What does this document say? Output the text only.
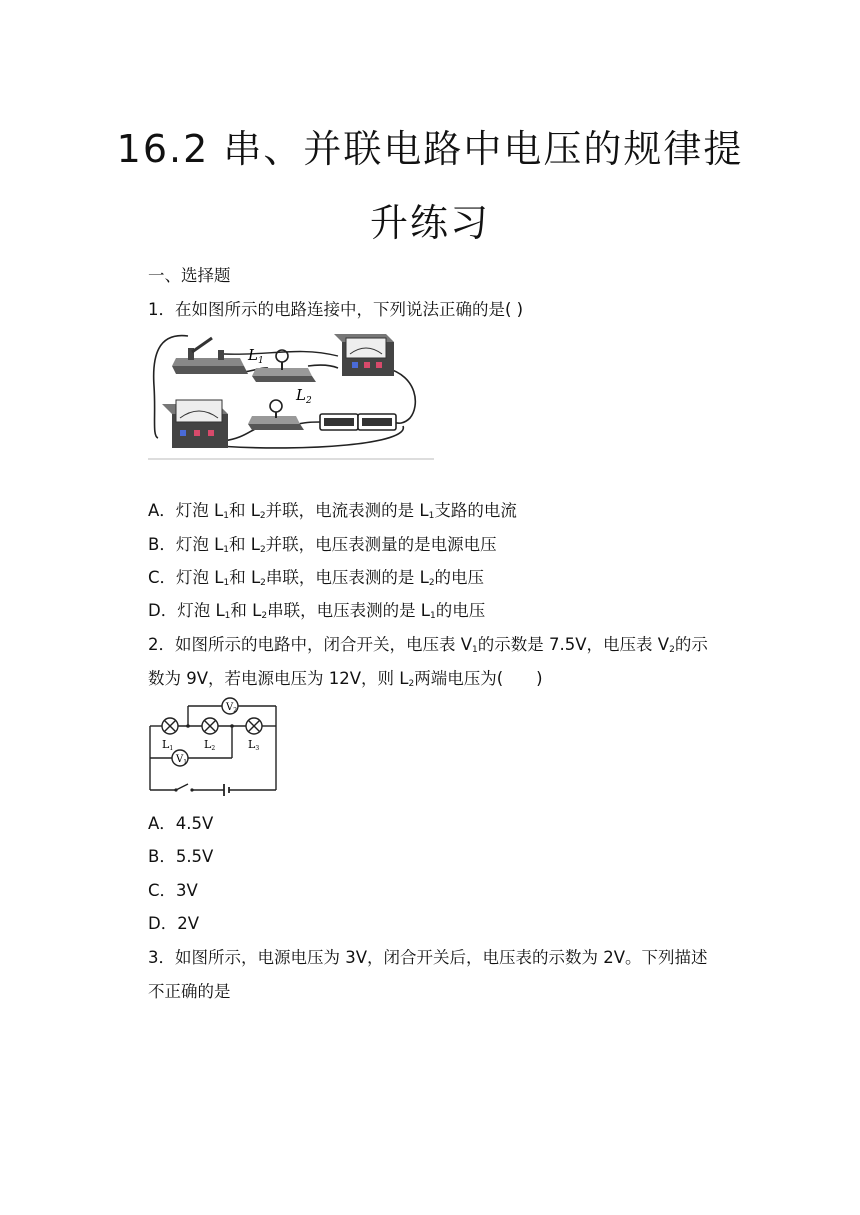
16.2 串、并联电路中电压的规律提
升练习
一、选择题
1．在如图所示的电路连接中，下列说法正确的是( )
$L_1$
$L_2$
A．灯泡 $L_1$和 $L_2$并联，电流表测的是 $L_1$支路的电流
B．灯泡 $L_1$和 $L_2$并联，电压表测量的是电源电压
C．灯泡 $L_1$和 $L_2$串联，电压表测的是 $L_2$的电压
D．灯泡 $L_1$和 $L_2$串联，电压表测的是 $L_1$的电压
2．如图所示的电路中，闭合开关，电压表 $V_1$的示数是 7.5V，电压表 $V_2$的示
数为 9V，若电源电压为 12V，则 $L_2$两端电压为(　　)
$V_2$
$V_1$
L1	L2	L3
A．4.5V
B．5.5V
C．3V
D．2V
3．如图所示，电源电压为 3V，闭合开关后，电压表的示数为 2V。下列描述
不正确的是
